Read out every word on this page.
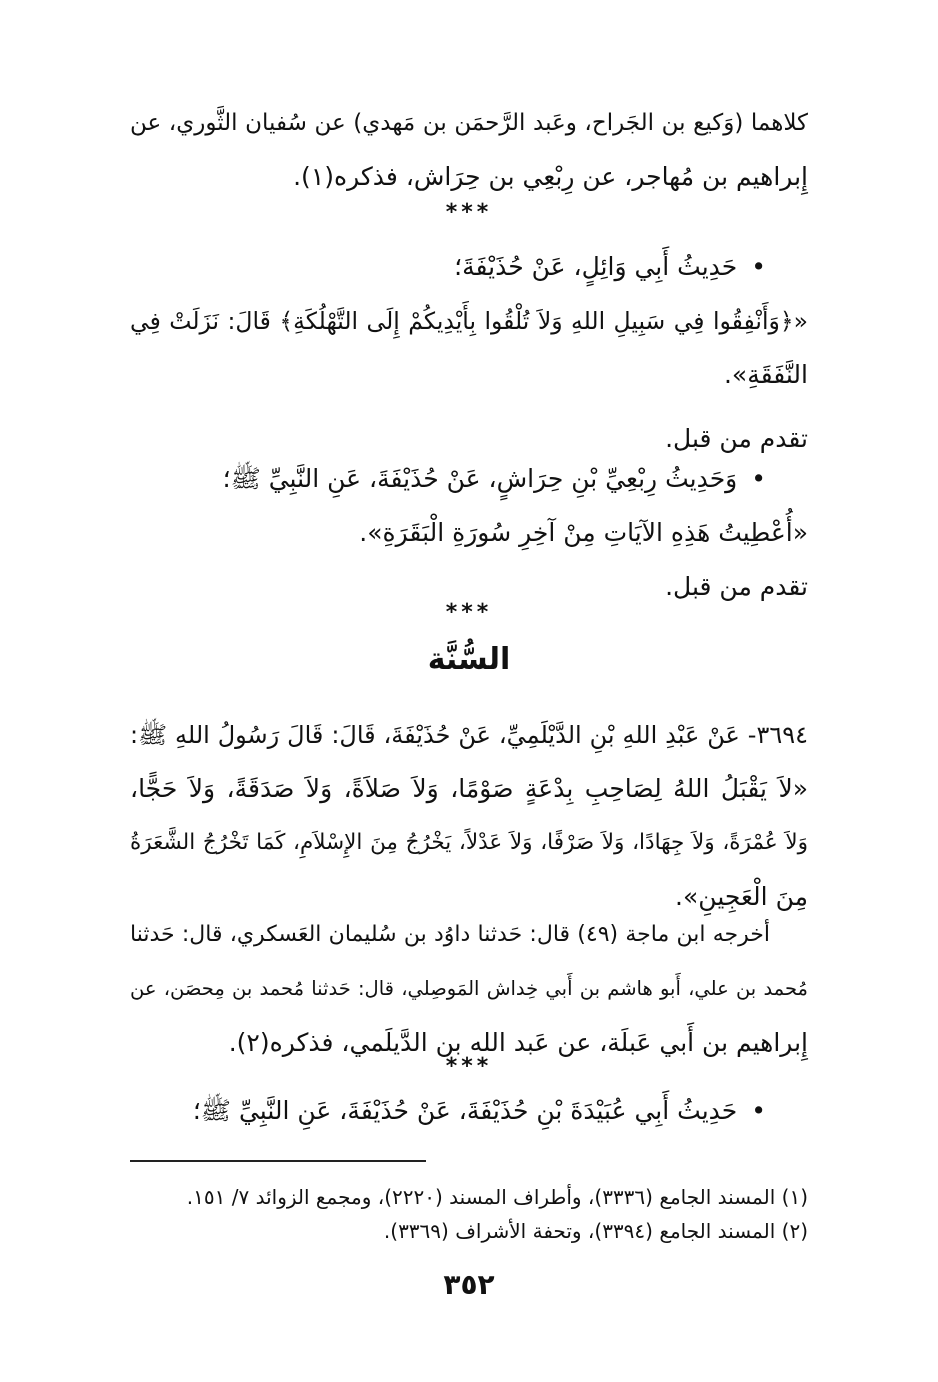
كلاهما (وَكيع بن الجَراح، وعَبد الرَّحمَن بن مَهدي) عن سُفيان الثَّوري، عن
إِبراهيم بن مُهاجر، عن رِبْعِي بن حِرَاش، فذكره(١).
***
•حَدِيثُ أَبِي وَائِلٍ، عَنْ حُذَيْفَةَ؛
«﴿وَأَنْفِقُوا فِي سَبِيلِ اللهِ وَلاَ تُلْقُوا بِأَيْدِيكُمْ إِلَى التَّهْلُكَةِ﴾ قَالَ: نَزَلَتْ فِي
النَّفَقَةِ».
تقدم من قبل.
•وَحَدِيثُ رِبْعِيِّ بْنِ حِرَاشٍ، عَنْ حُذَيْفَةَ، عَنِ النَّبِيِّ ﷺ؛
«أُعْطِيتُ هَذِهِ الآيَاتِ مِنْ آخِرِ سُورَةِ الْبَقَرَةِ».
تقدم من قبل.
***
السُّنَّة
٣٦٩٤- عَنْ عَبْدِ اللهِ بْنِ الدَّيْلَمِيِّ، عَنْ حُذَيْفَةَ، قَالَ: قَالَ رَسُولُ اللهِ ﷺ:
«لاَ يَقْبَلُ اللهُ لِصَاحِبِ بِدْعَةٍ صَوْمًا، وَلاَ صَلاَةً، وَلاَ صَدَقَةً، وَلاَ حَجًّا،
وَلاَ عُمْرَةً، وَلاَ جِهَادًا، وَلاَ صَرْفًا، وَلاَ عَدْلاً، يَخْرُجُ مِنَ الإِسْلاَمِ، كَمَا تَخْرُجُ الشَّعَرَةُ
مِنَ الْعَجِينِ».
أخرجه ابن ماجة (٤٩) قال: حَدثنا داوُد بن سُليمان العَسكري، قال: حَدثنا
مُحمد بن علي، أَبو هاشم بن أَبي خِداش المَوصِلي، قال: حَدثنا مُحمد بن مِحصَن، عن
إِبراهيم بن أَبي عَبلَة، عن عَبد الله بن الدَّيلَمي، فذكره(٢).
***
•حَدِيثُ أَبِي عُبَيْدَةَ بْنِ حُذَيْفَةَ، عَنْ حُذَيْفَةَ، عَنِ النَّبِيِّ ﷺ؛
(١) المسند الجامع (٣٣٣٦)، وأطراف المسند (٢٢٢٠)، ومجمع الزوائد ٧/ ١٥١.
(٢) المسند الجامع (٣٣٩٤)، وتحفة الأشراف (٣٣٦٩).
٣٥٢
